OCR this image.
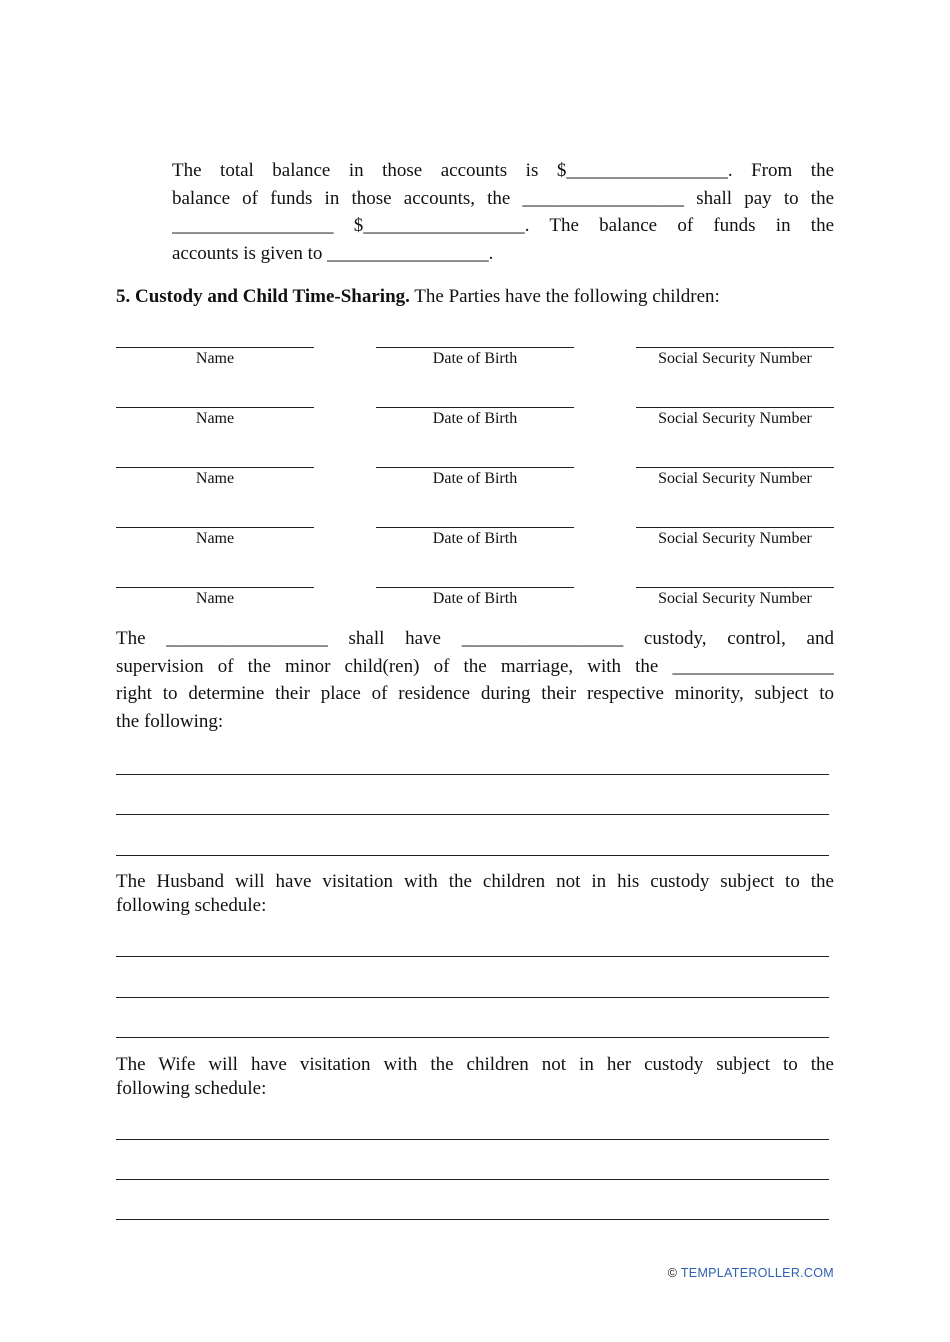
The total balance in those accounts is $_________________. From the
balance of funds in those accounts, the _________________ shall pay to the
_________________ $_________________. The balance of funds in the
accounts is given to _________________.
5. Custody and Child Time-Sharing. The Parties have the following children:
Name	Date of Birth	Social Security Number
Name	Date of Birth	Social Security Number
Name	Date of Birth	Social Security Number
Name	Date of Birth	Social Security Number
Name	Date of Birth	Social Security Number
The _________________ shall have _________________ custody, control, and
supervision of the minor child(ren) of the marriage, with the _________________
right to determine their place of residence during their respective minority, subject to
the following:
The Husband will have visitation with the children not in his custody subject to the
following schedule:
The Wife will have visitation with the children not in her custody subject to the
following schedule:
© TEMPLATEROLLER.COM
